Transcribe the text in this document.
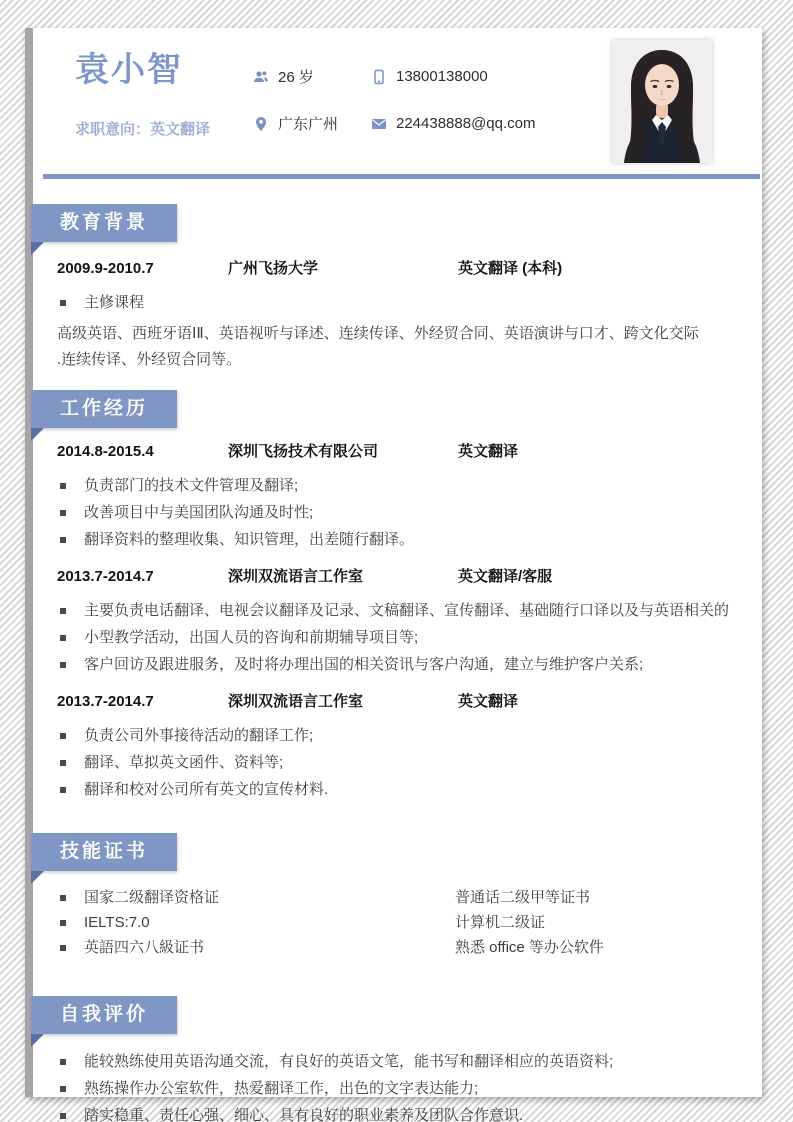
袁小智
求职意向：英文翻译
26 岁	13800138000
广东广州	224438888@qq.com
教育背景
2009.9-2010.7	广州飞扬大学	英文翻译 (本科)
主修课程

高级英语、西班牙语ⅠⅡ、英语视听与译述、连续传译、外经贸合同、英语演讲与口才、跨文化交际
.连续传译、外经贸合同等。

工作经历
2014.8-2015.4	深圳飞扬技术有限公司	英文翻译
负责部门的技术文件管理及翻译;
改善项目中与美国团队沟通及时性;
翻译资料的整理收集、知识管理，出差随行翻译。
2013.7-2014.7	深圳双流语言工作室	英文翻译/客服
主要负责电话翻译、电视会议翻译及记录、文稿翻译、宣传翻译、基础随行口译以及与英语相关的
小型教学活动，出国人员的咨询和前期辅导项目等;
客户回访及跟进服务，及时将办理出国的相关资讯与客户沟通，建立与维护客户关系;
2013.7-2014.7	深圳双流语言工作室	英文翻译
负责公司外事接待活动的翻译工作;
翻译、草拟英文函件、资料等;
翻译和校对公司所有英文的宣传材料.
技能证书
国家二级翻译资格证	普通话二级甲等证书
IELTS:7.0	计算机二级证
英語四六八級证书	熟悉 office 等办公软件
自我评价
能较熟练使用英语沟通交流，有良好的英语文笔，能书写和翻译相应的英语资料;
熟练操作办公室软件，热爱翻译工作，出色的文字表达能力;
踏实稳重、责任心强、细心、具有良好的职业素养及团队合作意识.
